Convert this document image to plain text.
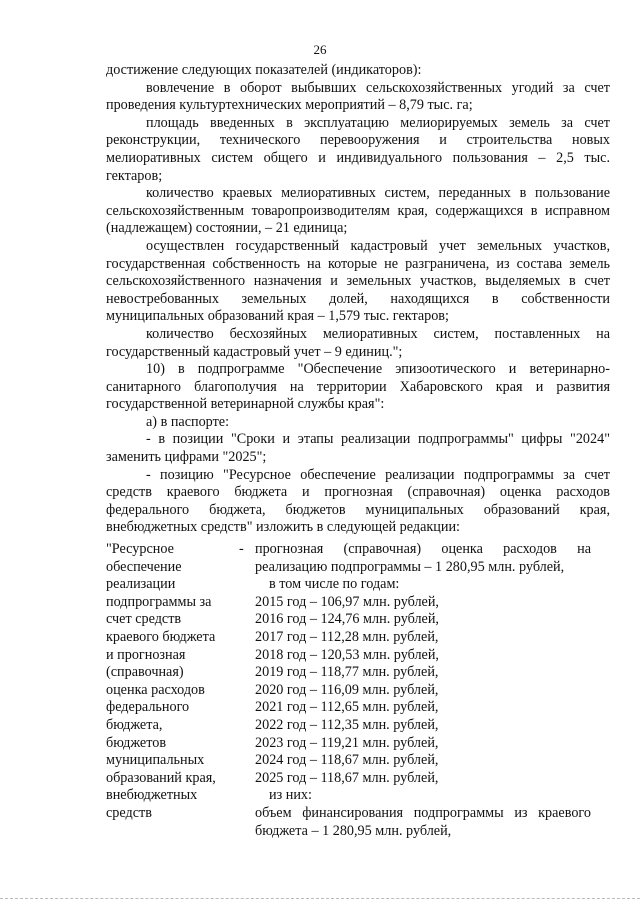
26

достижение следующих показателей (индикаторов):

вовлечение в оборот выбывших сельскохозяйственных угодий за счет проведения культуртехнических мероприятий – 8,79 тыс. га;

площадь введенных в эксплуатацию мелиорируемых земель за счет реконструкции, технического перевооружения и строительства новых мелиоративных систем общего и индивидуального пользования – 2,5 тыс. гектаров;

количество краевых мелиоративных систем, переданных в пользование сельскохозяйственным товаропроизводителям края, содержащихся в исправном (надлежащем) состоянии, – 21 единица;

осуществлен государственный кадастровый учет земельных участков, государственная собственность на которые не разграничена, из состава земель сельскохозяйственного назначения и земельных участков, выделяемых в счет невостребованных земельных долей, находящихся в собственности муниципальных образований края – 1,579 тыс. гектаров;

количество бесхозяйных мелиоративных систем, поставленных на государственный кадастровый учет – 9 единиц.";

10) в подпрограмме "Обеспечение эпизоотического и ветеринарно-санитарного благополучия на территории Хабаровского края и развития государственной ветеринарной службы края":

а) в паспорте:

- в позиции "Сроки и этапы реализации подпрограммы" цифры "2024" заменить цифрами "2025";

- позицию "Ресурсное обеспечение реализации подпрограммы за счет средств краевого бюджета и прогнозная (справочная) оценка расходов федерального бюджета, бюджетов муниципальных образований края, внебюджетных средств" изложить в следующей редакции:

"Ресурсное
обеспечение
реализации
подпрограммы за
счет средств
краевого бюджета
и прогнозная
(справочная)
оценка расходов
федерального
бюджета,
бюджетов
муниципальных
образований края,
внебюджетных
средств
- прогнозная (справочная) оценка расходов на реализацию подпрограммы – 1 280,95 млн. рублей,

в том числе по годам:

2015 год – 106,97 млн. рублей,
2016 год – 124,76 млн. рублей,
2017 год – 112,28 млн. рублей,
2018 год – 120,53 млн. рублей,
2019 год – 118,77 млн. рублей,
2020 год – 116,09 млн. рублей,
2021 год – 112,65 млн. рублей,
2022 год – 112,35 млн. рублей,
2023 год – 119,21 млн. рублей,
2024 год – 118,67 млн. рублей,
2025 год – 118,67 млн. рублей,

из них:

объем финансирования подпрограммы из краевого бюджета – 1 280,95 млн. рублей,
